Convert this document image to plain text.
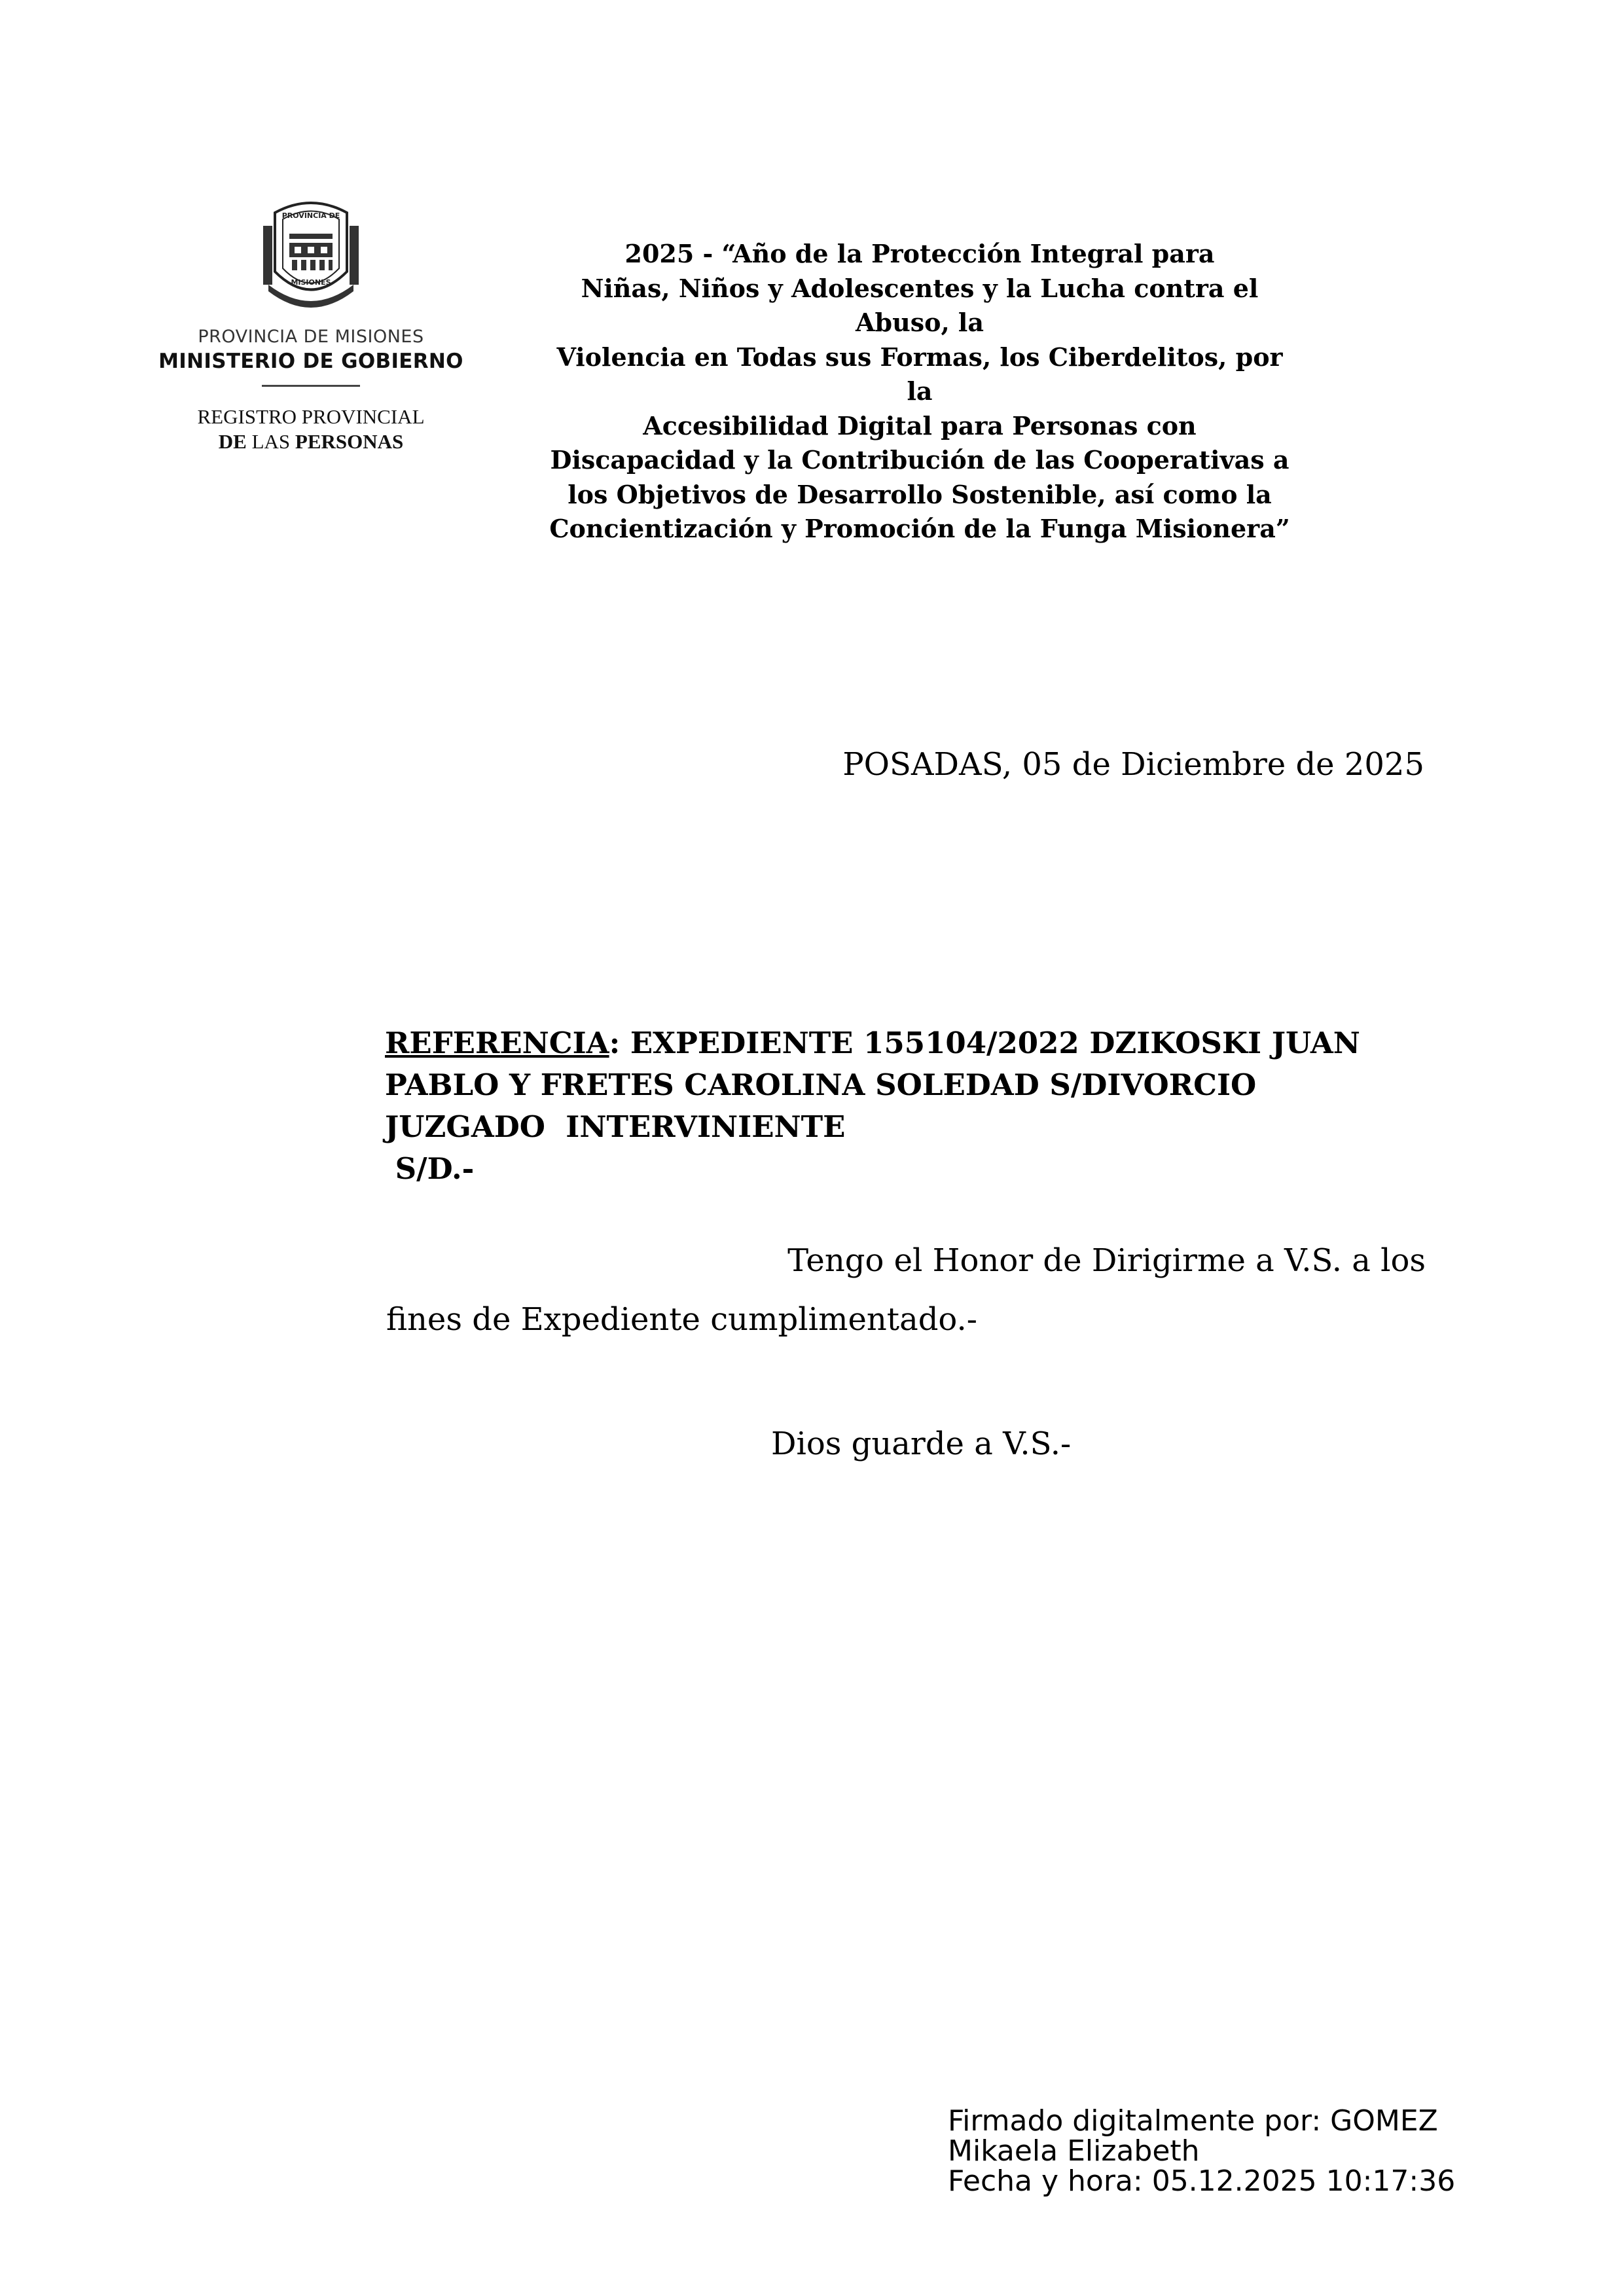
PROVINCIA DE
MISIONES
PROVINCIA DE MISIONES
MINISTERIO DE GOBIERNO
REGISTRO PROVINCIAL
DE LAS PERSONAS
2025 - “Año de la Protección Integral para
Niñas, Niños y Adolescentes y la Lucha contra el
Abuso, la
Violencia en Todas sus Formas, los Ciberdelitos, por
la
Accesibilidad Digital para Personas con
Discapacidad y la Contribución de las Cooperativas a
los Objetivos de Desarrollo Sostenible, así como la
Concientización y Promoción de la Funga Misionera”
POSADAS, 05 de Diciembre de 2025
REFERENCIA: EXPEDIENTE 155104/2022 DZIKOSKI JUAN
PABLO Y FRETES CAROLINA SOLEDAD S/DIVORCIO
JUZGADO  INTERVINIENTE
S/D.-
Tengo el Honor de Dirigirme a V.S. a los
fines de Expediente cumplimentado.-
Dios guarde a V.S.-
Firmado digitalmente por: GOMEZ
Mikaela Elizabeth
Fecha y hora: 05.12.2025 10:17:36
